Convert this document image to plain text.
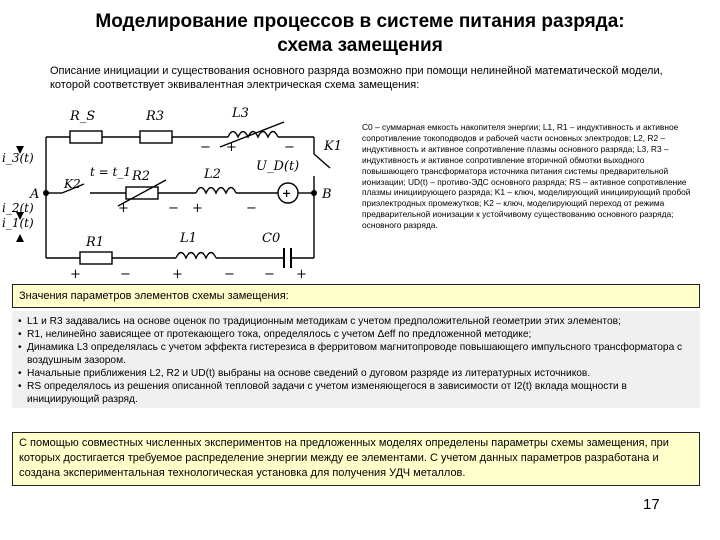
Моделирование процессов в системе питания разряда:
схема замещения
Описание инициации и существования основного разряда возможно при помощи нелинейной математической модели, которой соответствует эквивалентная электрическая схема замещения:
+
R_S	R3	L3
K1
U_D(t)
i_3(t)
t = t_1 R2	L2
A	B
K2
i_2(t)
i_1(t)
R1	L1	C0
− +	−
+	− +	−
+	−	+	− − +
C0 – суммарная емкость накопителя энергии; L1, R1 – индуктивность и активное сопротивление токоподводов и рабочей части основных электродов; L2, R2 – индуктивность и активное сопротивление плазмы основного разряда; L3, R3 – индуктивность и активное сопротивление вторичной обмотки выходного повышающего трансформатора источника питания системы предварительной ионизации; UD(t) – противо-ЭДС основного разряда; RS – активное сопротивление плазмы инициирующего разряда; K1 – ключ, моделирующий инициирующий пробой приэлектродных промежутков; K2 – ключ, моделирующий переход от режима предварительной ионизации к устойчивому существованию основного разряда; основного разряда.
Значения параметров элементов схемы замещения:
• L1 и R3 задавались на основе оценок по традиционным методикам с учетом предположительной геометрии этих элементов;
• R1, нелинейно зависящее от протекающего тока, определялось с учетом Δeff по предложенной методике;
• Динамика L3 определялась с учетом эффекта гистерезиса в ферритовом магнитопроводе повышающего импульсного трансформатора с воздушным зазором.
• Начальные приближения L2, R2 и UD(t) выбраны на основе сведений о дуговом разряде из литературных источников.
• RS определялось из решения описанной тепловой задачи с учетом изменяющегося в зависимости от I2(t) вклада мощности в инициирующий разряд.
С помощью совместных численных экспериментов на предложенных моделях определены параметры схемы замещения, при которых достигается требуемое распределение энергии между ее элементами. С учетом данных параметров разработана и создана экспериментальная технологическая установка для получения УДЧ металлов.
17
